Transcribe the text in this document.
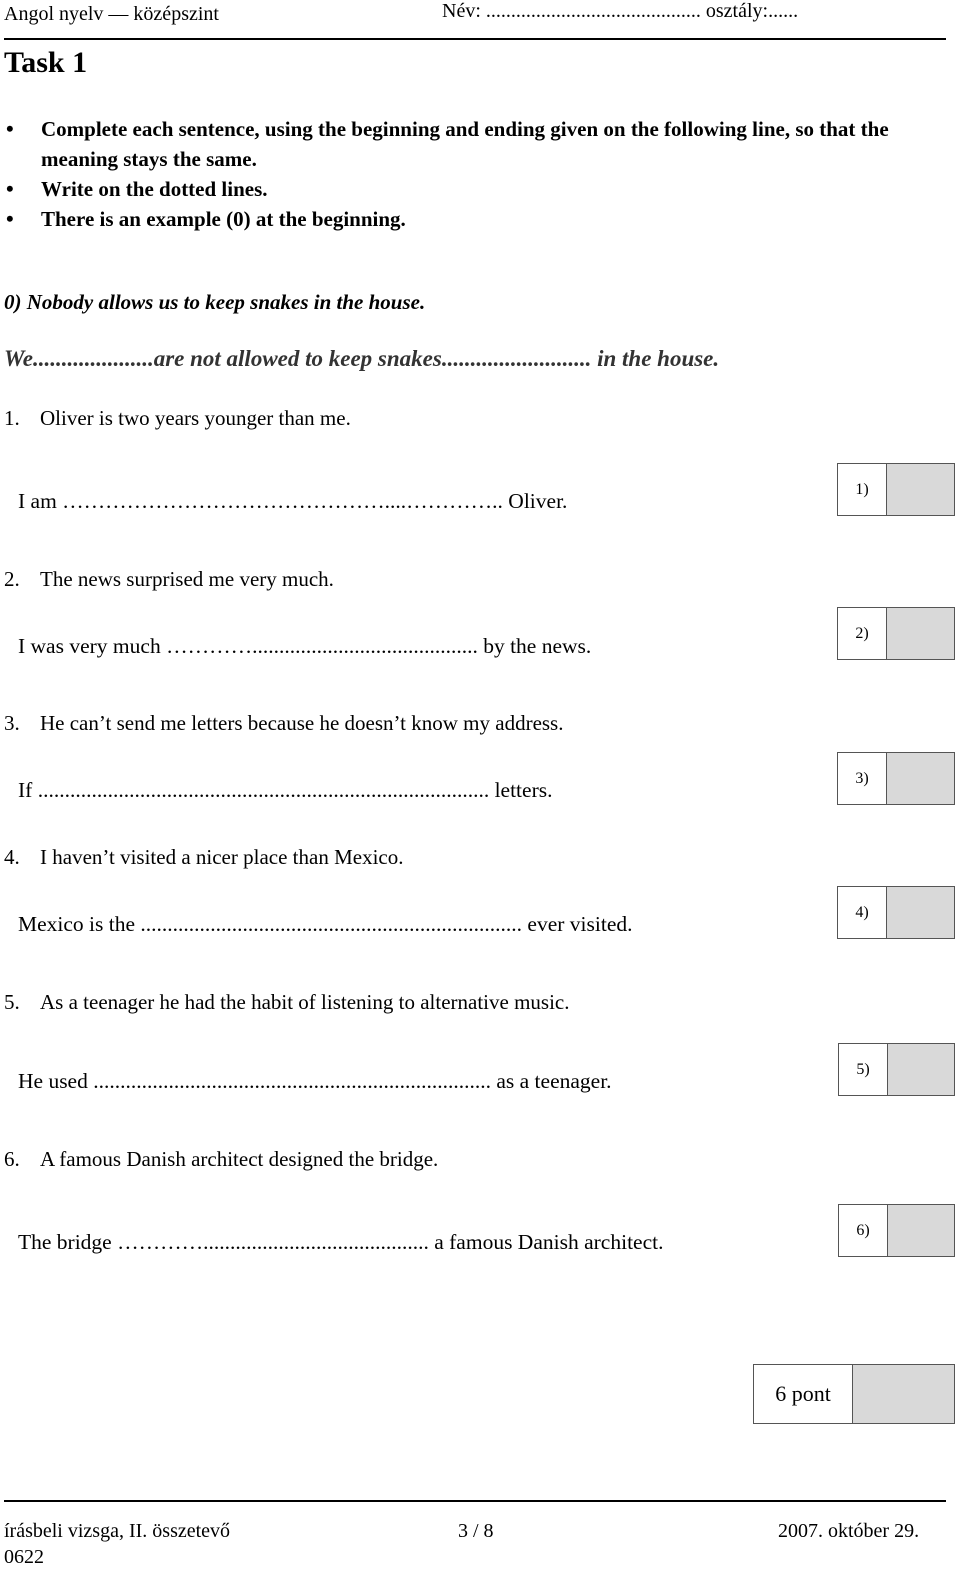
Angol nyelv — középszint	Név: ........................................... osztály:......
Task 1
• Complete each sentence, using the beginning and ending given on the following line, so that the meaning stays the same.
• Write on the dotted lines.
• There is an example (0) at the beginning.
0) Nobody allows us to keep snakes in the house.
We.....................are not allowed to keep snakes.......................... in the house.
1. Oliver is two years younger than me.
I am ………………………………………....………….. Oliver.	1)
2. The news surprised me very much.
I was very much ………….......................................... by the news.
2)
3. He can’t send me letters because he doesn’t know my address.
If .................................................................................... letters.	3)
4. I haven’t visited a nicer place than Mexico.
Mexico is the ....................................................................... ever visited.	4)
5. As a teenager he had the habit of listening to alternative music.
He used .......................................................................... as a teenager.	5)
6. A famous Danish architect designed the bridge.
The bridge ………….......................................... a famous Danish architect.	6)
6 pont
írásbeli vizsga, II. összetevő	3 / 8	2007. október 29.
0622
